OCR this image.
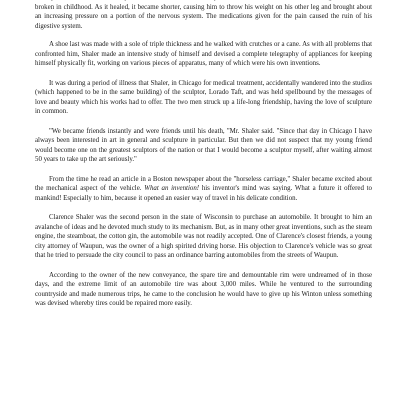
broken in childhood. As it healed, it became shorter, causing him to throw his weight on his other leg and brought about an increasing pressure on a portion of the nervous system. The medications given for the pain caused the ruin of his digestive system.

A shoe last was made with a sole of triple thickness and he walked with crutches or a cane. As with all problems that confronted him, Shaler made an intensive study of himself and devised a complete telegraphy of appliances for keeping himself physically fit, working on various pieces of apparatus, many of which were his own inventions.

It was during a period of illness that Shaler, in Chicago for medical treatment, accidentally wandered into the studios (which happened to be in the same building) of the sculptor, Lorado Taft, and was held spellbound by the messages of love and beauty which his works had to offer. The two men struck up a life-long friendship, having the love of sculpture in common.

"We became friends instantly and were friends until his death, "Mr. Shaler said. "Since that day in Chicago I have always been interested in art in general and sculpture in particular. But then we did not suspect that my young friend would become one on the greatest sculptors of the nation or that I would become a sculptor myself, after waiting almost 50 years to take up the art seriously."

From the time he read an article in a Boston newspaper about the "horseless carriage," Shaler became excited about the mechanical aspect of the vehicle. What an invention! his inventor's mind was saying. What a future it offered to mankind! Especially to him, because it opened an easier way of travel in his delicate condition.

Clarence Shaler was the second person in the state of Wisconsin to purchase an automobile. It brought to him an avalanche of ideas and he devoted much study to its mechanism. But, as in many other great inventions, such as the steam engine, the steamboat, the cotton gin, the automobile was not readily accepted. One of Clarence's closest friends, a young city attorney of Waupun, was the owner of a high spirited driving horse. His objection to Clarence's vehicle was so great that he tried to persuade the city council to pass an ordinance barring automobiles from the streets of Waupun.

According to the owner of the new conveyance, the spare tire and demountable rim were undreamed of in those days, and the extreme limit of an automobile tire was about 3,000 miles. While he ventured to the surrounding countryside and made numerous trips, he came to the conclusion he would have to give up his Winton unless something was devised whereby tires could be repaired more easily.
